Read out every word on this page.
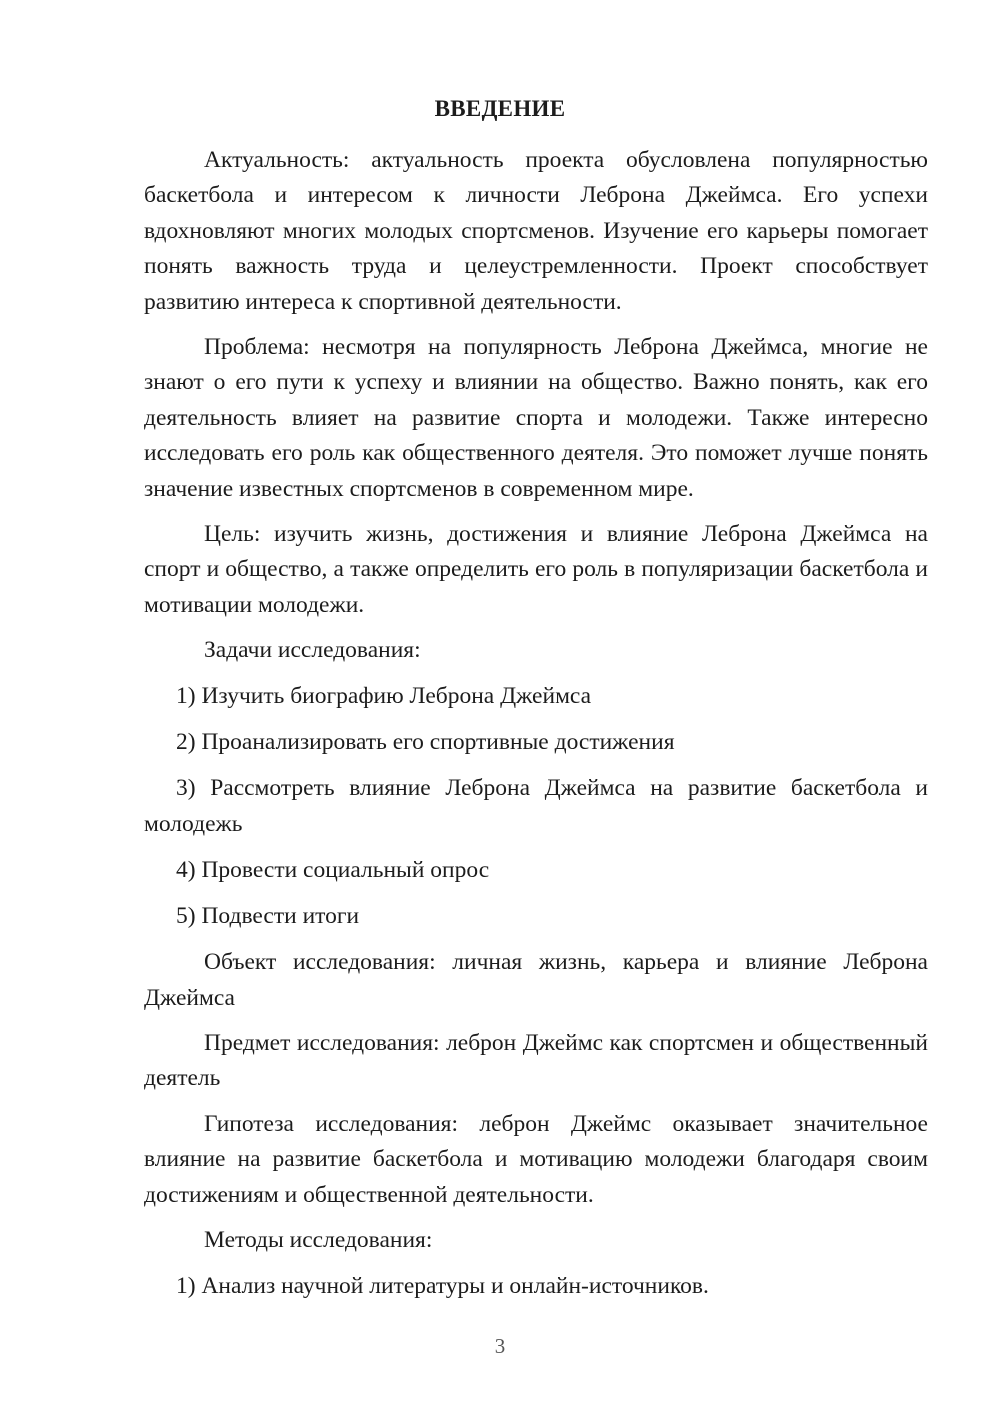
ВВЕДЕНИЕ

Актуальность: актуальность проекта обусловлена популярностью баскетбола и интересом к личности Леброна Джеймса. Его успехи вдохновляют многих молодых спортсменов. Изучение его карьеры помогает понять важность труда и целеустремленности. Проект способствует развитию интереса к спортивной деятельности.

Проблема: несмотря на популярность Леброна Джеймса, многие не знают о его пути к успеху и влиянии на общество. Важно понять, как его деятельность влияет на развитие спорта и молодежи. Также интересно исследовать его роль как общественного деятеля. Это поможет лучше понять значение известных спортсменов в современном мире.

Цель: изучить жизнь, достижения и влияние Леброна Джеймса на спорт и общество, а также определить его роль в популяризации баскетбола и мотивации молодежи.

Задачи исследования:

1) Изучить биографию Леброна Джеймса

2) Проанализировать его спортивные достижения

3) Рассмотреть влияние Леброна Джеймса на развитие баскетбола и молодежь

4) Провести социальный опрос

5) Подвести итоги

Объект исследования: личная жизнь, карьера и влияние Леброна Джеймса

Предмет исследования: леброн Джеймс как спортсмен и общественный деятель

Гипотеза исследования: леброн Джеймс оказывает значительное влияние на развитие баскетбола и мотивацию молодежи благодаря своим достижениям и общественной деятельности.

Методы исследования:

1) Анализ научной литературы и онлайн-источников.

3
